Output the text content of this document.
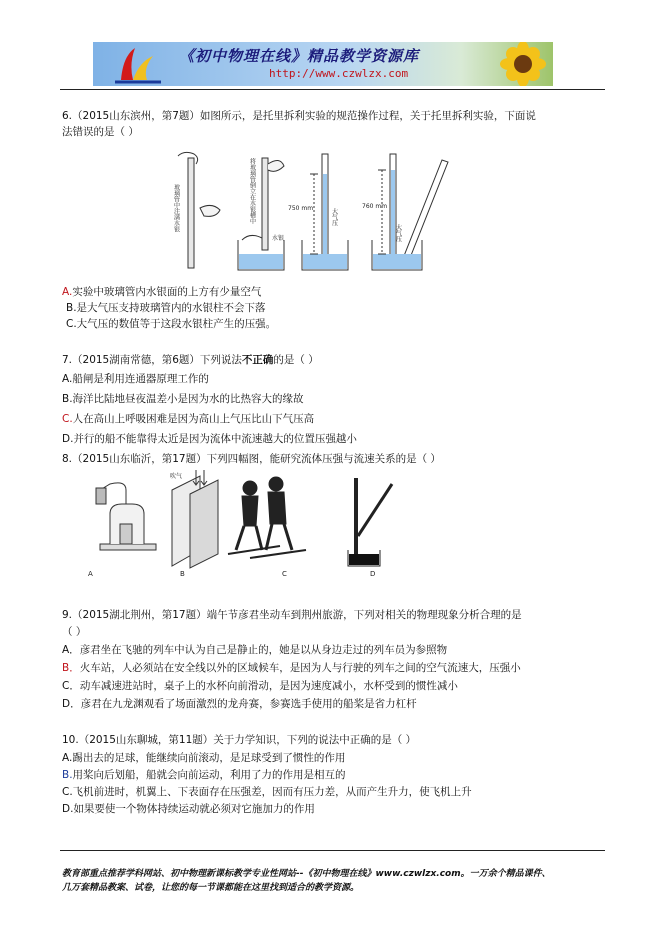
《初中物理在线》精品教学资源库
http://www.czwlzx.com
6.（2015山东滨州，第7题）如图所示，是托里拆利实验的规范操作过程，关于托里拆利实验，下面说
法错误的是（ ）
玻璃管中注满水银	将玻璃管倒立在水银槽中
水银
750 mm	大气压
760 mm
大气压
A.实验中玻璃管内水银面的上方有少量空气
B.是大气压支持玻璃管内的水银柱不会下落
C.大气压的数值等于这段水银柱产生的压强。
7.（2015湖南常德，第6题）下列说法不正确的是（ ）
A.船闸是利用连通器原理工作的
B.海洋比陆地昼夜温差小是因为水的比热容大的缘故
C.人在高山上呼吸困难是因为高山上气压比山下气压高
D.并行的船不能靠得太近是因为流体中流速越大的位置压强越小
8.（2015山东临沂，第17题）下列四幅图，能研究流体压强与流速关系的是（ ）
A
吹气
B	C	D
9.（2015湖北荆州，第17题）端午节彦君坐动车到荆州旅游，下列对相关的物理现象分析合理的是
（ ）
A．彦君坐在飞驰的列车中认为自己是静止的，她是以从身边走过的列车员为参照物
B．火车站，人必须站在安全线以外的区域候车，是因为人与行驶的列车之间的空气流速大，压强小
C．动车减速进站时，桌子上的水杯向前滑动，是因为速度减小，水杯受到的惯性减小
D．彦君在九龙渊观看了场面激烈的龙舟赛，参赛选手使用的船桨是省力杠杆
10.（2015山东聊城，第11题）关于力学知识，下列的说法中正确的是（ ）
A.踢出去的足球，能继续向前滚动，是足球受到了惯性的作用
B.用桨向后划船，船就会向前运动，利用了力的作用是相互的
C.飞机前进时，机翼上、下表面存在压强差，因而有压力差，从而产生升力，使飞机上升
D.如果要使一个物体持续运动就必须对它施加力的作用
教育部重点推荐学科网站、初中物理新课标教学专业性网站--《初中物理在线》www.czwlzx.com。一万余个精品课件、
几万套精品教案、试卷，让您的每一节课都能在这里找到适合的教学资源。
